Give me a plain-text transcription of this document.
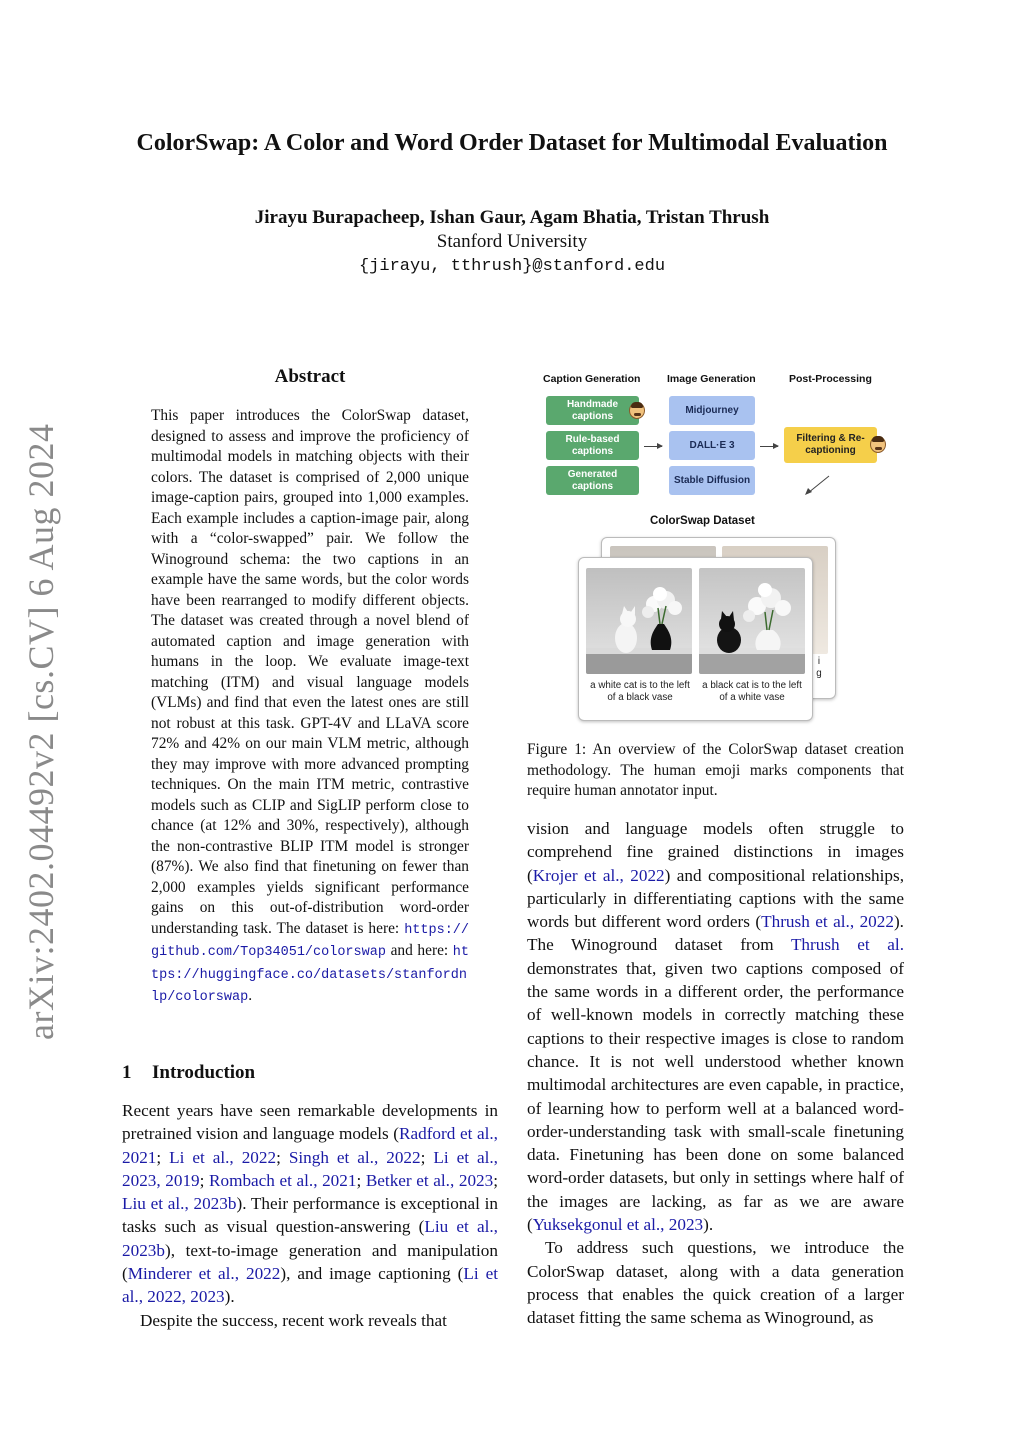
ColorSwap: A Color and Word Order Dataset for Multimodal Evaluation
Jirayu Burapacheep, Ishan Gaur, Agam Bhatia, Tristan Thrush
Stanford University
{jirayu, tthrush}@stanford.edu
arXiv:2402.04492v2 [cs.CV] 6 Aug 2024
Abstract
This paper introduces the ColorSwap dataset, designed to assess and improve the proficiency of multimodal models in matching objects with their colors. The dataset is comprised of 2,000 unique image-caption pairs, grouped into 1,000 examples. Each example includes a caption-image pair, along with a “color-swapped” pair. We follow the Winoground schema: the two captions in an example have the same words, but the color words have been rearranged to modify different objects. The dataset was created through a novel blend of automated caption and image generation with humans in the loop. We evaluate image-text matching (ITM) and visual language models (VLMs) and find that even the latest ones are still not robust at this task. GPT-4V and LLaVA score 72% and 42% on our main VLM metric, although they may improve with more advanced prompting techniques. On the main ITM metric, contrastive models such as CLIP and SigLIP perform close to chance (at 12% and 30%, respectively), although the non-contrastive BLIP ITM model is stronger (87%). We also find that finetuning on fewer than 2,000 examples yields significant performance gains on this out-of-distribution word-order understanding task. The dataset is here: https://github.com/Top34051/colorswap and here: https://huggingface.co/datasets/stanfordnlp/colorswap.
1 Introduction

Recent years have seen remarkable developments in pretrained vision and language models (Radford et al., 2021; Li et al., 2022; Singh et al., 2022; Li et al., 2023, 2019; Rombach et al., 2021; Betker et al., 2023; Liu et al., 2023b). Their performance is exceptional in tasks such as visual question-answering (Liu et al., 2023b), text-to-image generation and manipulation (Minderer et al., 2022), and image captioning (Li et al., 2022, 2023).

Despite the success, recent work reveals that

vision and language models often struggle to comprehend fine grained distinctions in images (Krojer et al., 2022) and compositional relationships, particularly in differentiating captions with the same words but different word orders (Thrush et al., 2022). The Winoground dataset from Thrush et al. demonstrates that, given two captions composed of the same words in a different order, the performance of well-known models in correctly matching these captions to their respective images is close to random chance. It is not well understood whether known multimodal architectures are even capable, in practice, of learning how to perform well at a balanced word-order-understanding task with small-scale finetuning data. Finetuning has been done on some balanced word-order datasets, but only in settings where half of the images are lacking, as far as we are aware (Yuksekgonul et al., 2023).

To address such questions, we introduce the ColorSwap dataset, along with a data generation process that enables the quick creation of a larger dataset fitting the same schema as Winoground, as

Caption Generation	Image Generation	Post-Processing
Handmade captions
Rule-based captions
Generated captions
Midjourney
DALL·E 3
Stable Diffusion
Filtering & Re-captioning
ColorSwap Dataset
i
g
a white cat is to the left of a black vase
a black cat is to the left of a white vase
Figure 1: An overview of the ColorSwap dataset creation methodology. The human emoji marks components that require human annotator input.
